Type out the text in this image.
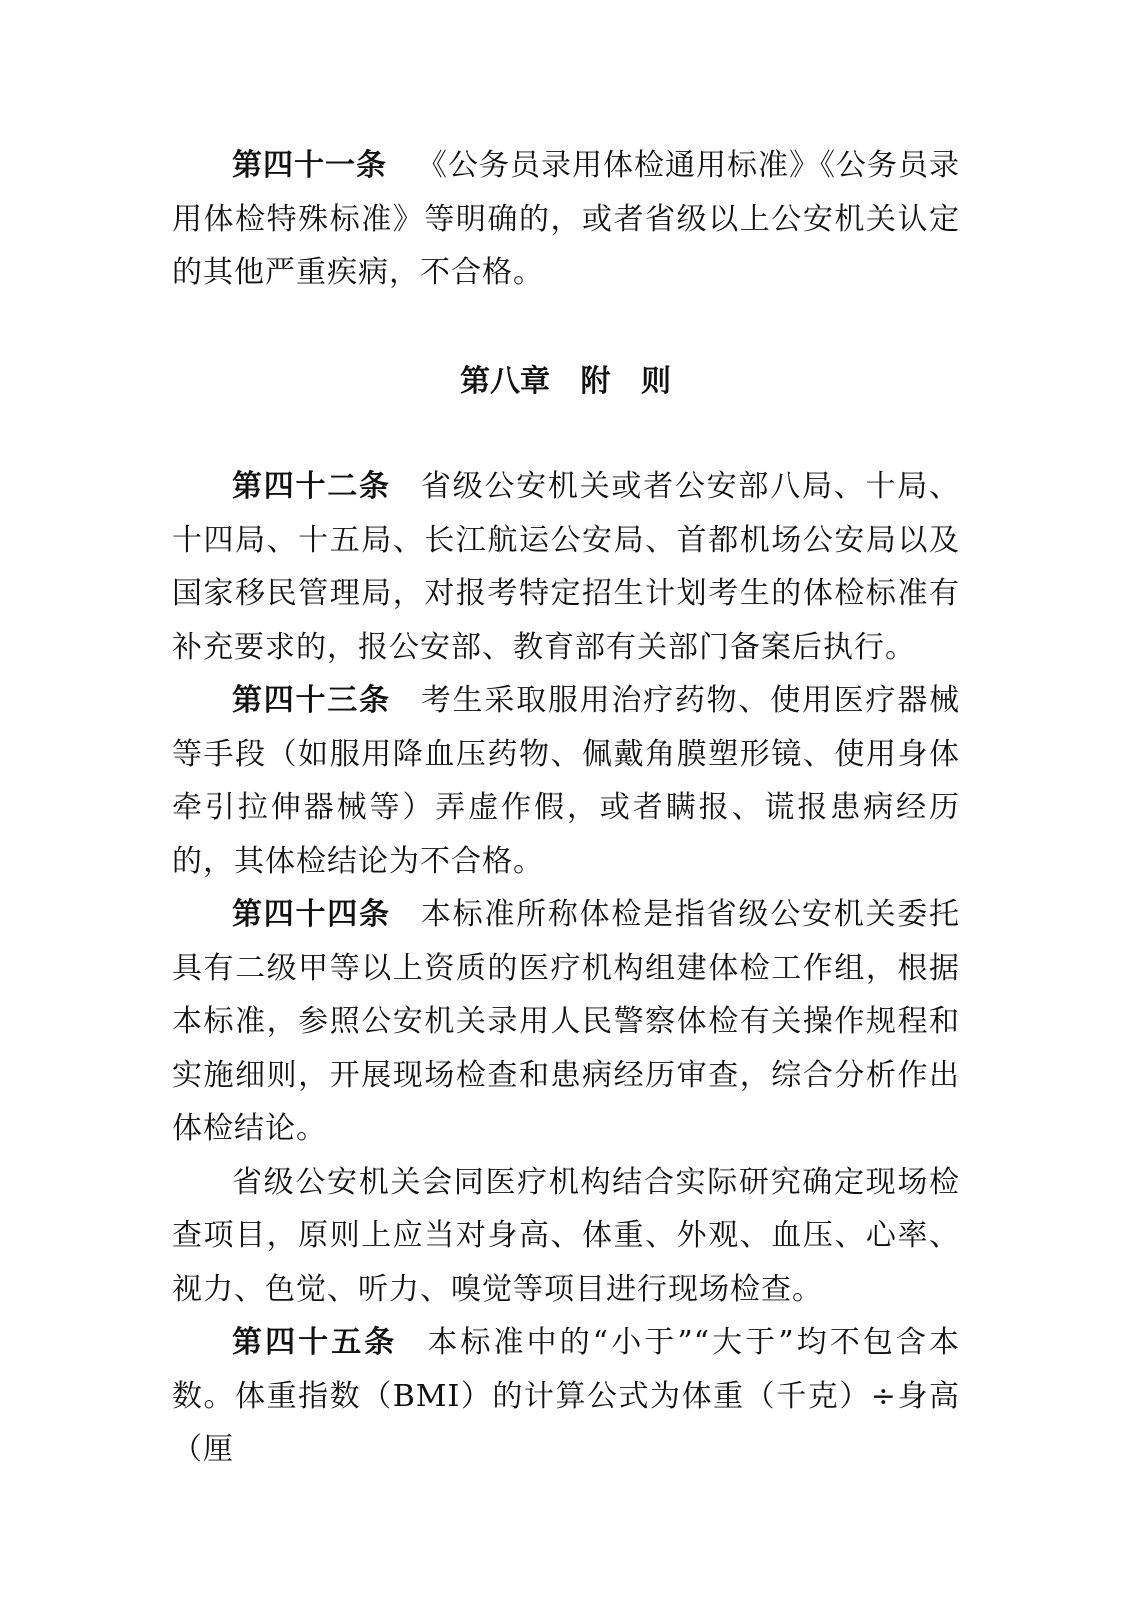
第四十一条 《公务员录用体检通用标准》《公务员录用体检特殊标准》等明确的，或者省级以上公安机关认定的其他严重疾病，不合格。

第八章 附 则

第四十二条 省级公安机关或者公安部八局、十局、十四局、十五局、长江航运公安局、首都机场公安局以及国家移民管理局，对报考特定招生计划考生的体检标准有补充要求的，报公安部、教育部有关部门备案后执行。

第四十三条 考生采取服用治疗药物、使用医疗器械等手段（如服用降血压药物、佩戴角膜塑形镜、使用身体牵引拉伸器械等）弄虚作假，或者瞒报、谎报患病经历的，其体检结论为不合格。

第四十四条 本标准所称体检是指省级公安机关委托具有二级甲等以上资质的医疗机构组建体检工作组，根据本标准，参照公安机关录用人民警察体检有关操作规程和实施细则，开展现场检查和患病经历审查，综合分析作出体检结论。

省级公安机关会同医疗机构结合实际研究确定现场检查项目，原则上应当对身高、体重、外观、血压、心率、视力、色觉、听力、嗅觉等项目进行现场检查。

第四十五条 本标准中的“小于”“大于”均不包含本数。体重指数（BMI）的计算公式为体重（千克）÷身高（厘
